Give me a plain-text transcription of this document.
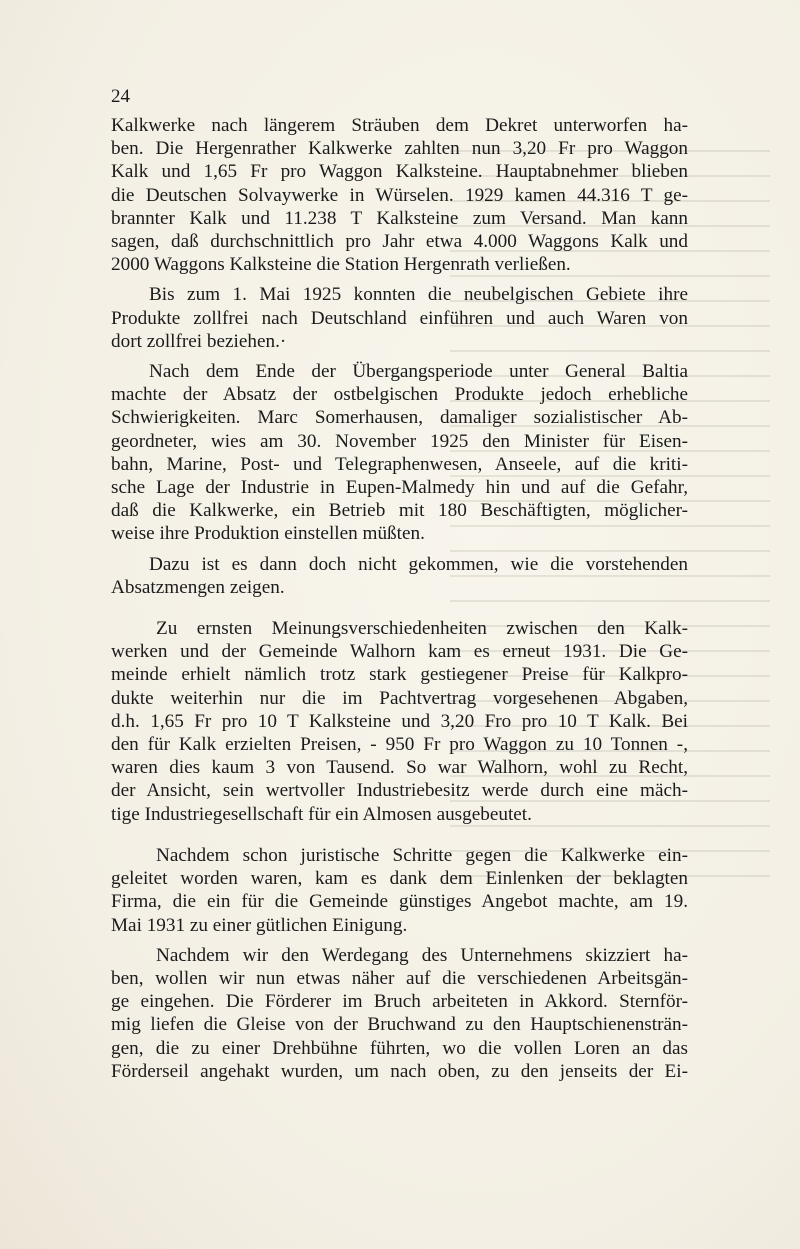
24
Kalkwerke nach längerem Sträuben dem Dekret unterworfen ha-
ben. Die Hergenrather Kalkwerke zahlten nun 3,20 Fr pro Waggon
Kalk und 1,65 Fr pro Waggon Kalksteine. Hauptabnehmer blieben
die Deutschen Solvaywerke in Würselen. 1929 kamen 44.316 T ge-
brannter Kalk und 11.238 T Kalksteine zum Versand. Man kann
sagen, daß durchschnittlich pro Jahr etwa 4.000 Waggons Kalk und
2000 Waggons Kalksteine die Station Hergenrath verließen.
Bis zum 1. Mai 1925 konnten die neubelgischen Gebiete ihre
Produkte zollfrei nach Deutschland einführen und auch Waren von
dort zollfrei beziehen.·
Nach dem Ende der Übergangsperiode unter General Baltia
machte der Absatz der ostbelgischen Produkte jedoch erhebliche
Schwierigkeiten. Marc Somerhausen, damaliger sozialistischer Ab-
geordneter, wies am 30. November 1925 den Minister für Eisen-
bahn, Marine, Post- und Telegraphenwesen, Anseele, auf die kriti-
sche Lage der Industrie in Eupen-Malmedy hin und auf die Gefahr,
daß die Kalkwerke, ein Betrieb mit 180 Beschäftigten, möglicher-
weise ihre Produktion einstellen müßten.
Dazu ist es dann doch nicht gekommen, wie die vorstehenden
Absatzmengen zeigen.
Zu ernsten Meinungsverschiedenheiten zwischen den Kalk-
werken und der Gemeinde Walhorn kam es erneut 1931. Die Ge-
meinde erhielt nämlich trotz stark gestiegener Preise für Kalkpro-
dukte weiterhin nur die im Pachtvertrag vorgesehenen Abgaben,
d.h. 1,65 Fr pro 10 T Kalksteine und 3,20 Fro pro 10 T Kalk. Bei
den für Kalk erzielten Preisen, - 950 Fr pro Waggon zu 10 Tonnen -,
waren dies kaum 3 von Tausend. So war Walhorn, wohl zu Recht,
der Ansicht, sein wertvoller Industriebesitz werde durch eine mäch-
tige Industriegesellschaft für ein Almosen ausgebeutet.
Nachdem schon juristische Schritte gegen die Kalkwerke ein-
geleitet worden waren, kam es dank dem Einlenken der beklagten
Firma, die ein für die Gemeinde günstiges Angebot machte, am 19.
Mai 1931 zu einer gütlichen Einigung.
Nachdem wir den Werdegang des Unternehmens skizziert ha-
ben, wollen wir nun etwas näher auf die verschiedenen Arbeitsgän-
ge eingehen. Die Förderer im Bruch arbeiteten in Akkord. Sternför-
mig liefen die Gleise von der Bruchwand zu den Hauptschienensträn-
gen, die zu einer Drehbühne führten, wo die vollen Loren an das
Förderseil angehakt wurden, um nach oben, zu den jenseits der Ei-
